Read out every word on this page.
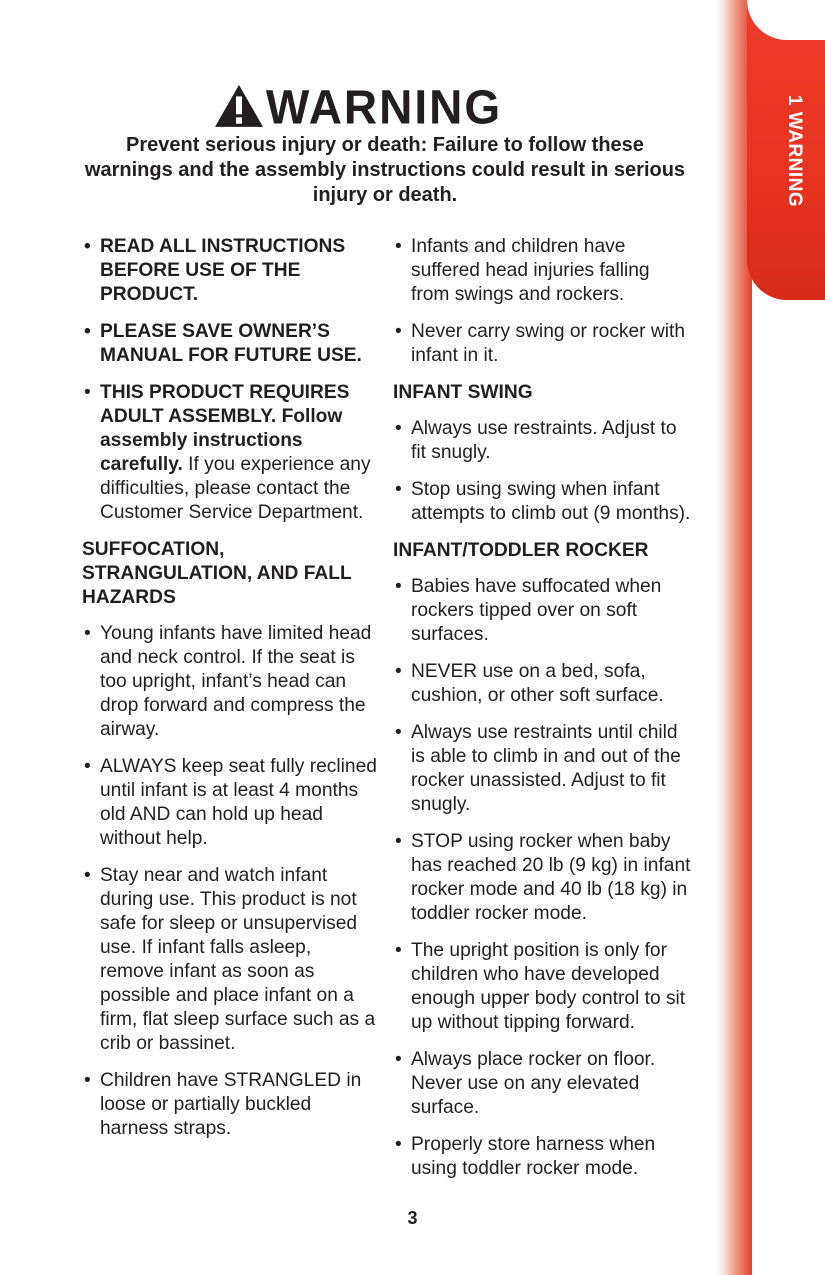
1 WARNING
WARNING
Prevent serious injury or death: Failure to follow these warnings and the assembly instructions could result in serious injury or death.
• READ ALL INSTRUCTIONS BEFORE USE OF THE PRODUCT.
• PLEASE SAVE OWNER’S MANUAL FOR FUTURE USE.
• THIS PRODUCT REQUIRES ADULT ASSEMBLY. Follow assembly instructions carefully. If you experience any difficulties, please contact the Customer Service Department.
SUFFOCATION, STRANGULATION, AND FALL HAZARDS
• Young infants have limited head and neck control. If the seat is too upright, infant’s head can drop forward and compress the airway.
• ALWAYS keep seat fully reclined until infant is at least 4 months old AND can hold up head without help.
• Stay near and watch infant during use. This product is not safe for sleep or unsupervised use. If infant falls asleep, remove infant as soon as possible and place infant on a firm, flat sleep surface such as a crib or bassinet.
• Children have STRANGLED in loose or partially buckled harness straps.
• Infants and children have suffered head injuries falling from swings and rockers.
• Never carry swing or rocker with infant in it.
INFANT SWING
• Always use restraints. Adjust to fit snugly.
• Stop using swing when infant attempts to climb out (9 months).
INFANT/TODDLER ROCKER
• Babies have suffocated when rockers tipped over on soft surfaces.
• NEVER use on a bed, sofa, cushion, or other soft surface.
• Always use restraints until child is able to climb in and out of the rocker unassisted. Adjust to fit snugly.
• STOP using rocker when baby has reached 20 lb (9 kg) in infant rocker mode and 40 lb (18 kg) in toddler rocker mode.
• The upright position is only for children who have developed enough upper body control to sit up without tipping forward.
• Always place rocker on floor. Never use on any elevated surface.
• Properly store harness when using toddler rocker mode.
3
